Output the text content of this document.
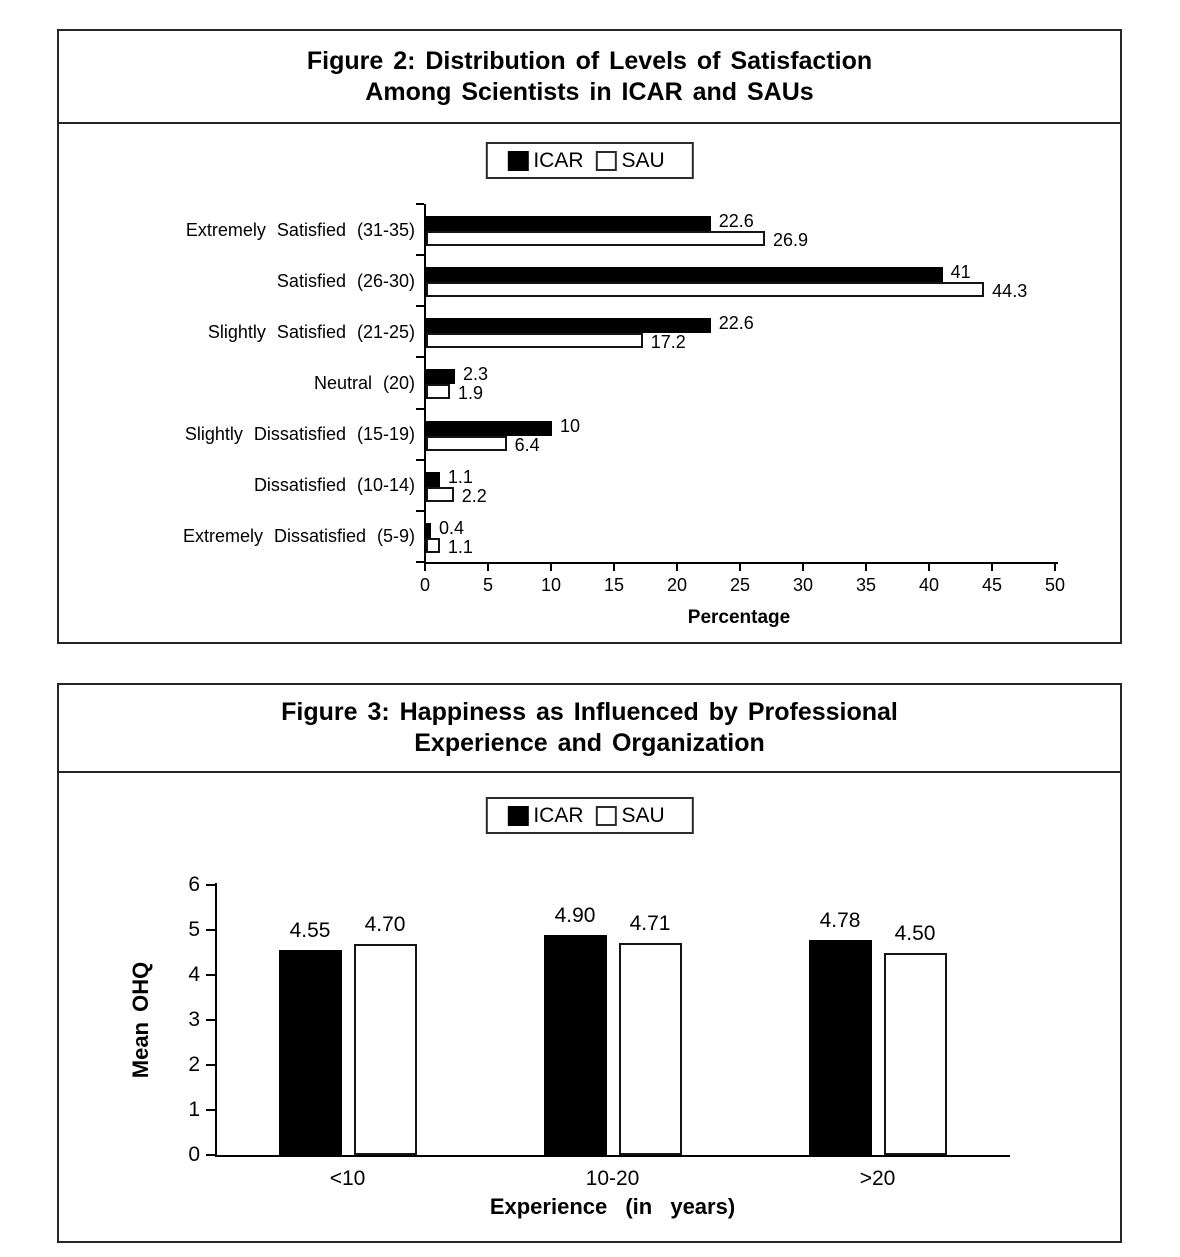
Figure 2: Distribution of Levels of Satisfaction
Among Scientists in ICAR and SAUs
ICAR SAU
0	5	10	15	20	25	30	35	40	45	50
Percentage
Extremely Satisfied (31-35)	22.6
26.9
Satisfied (26-30)	41
44.3
Slightly Satisfied (21-25)	22.6
17.2
Neutral (20)	2.3
1.9
Slightly Dissatisfied (15-19)	10
6.4
Dissatisfied (10-14) 1.1
2.2
Extremely Dissatisfied (5-9) 0.4
1.1
Figure 3: Happiness as Influenced by Professional
Experience and Organization
ICAR SAU
0
1
2
3
4
5
6
Mean OHQ
4.55	4.70
<10
4.90	4.71
10-20
4.78
4.50
>20
Experience (in years)
